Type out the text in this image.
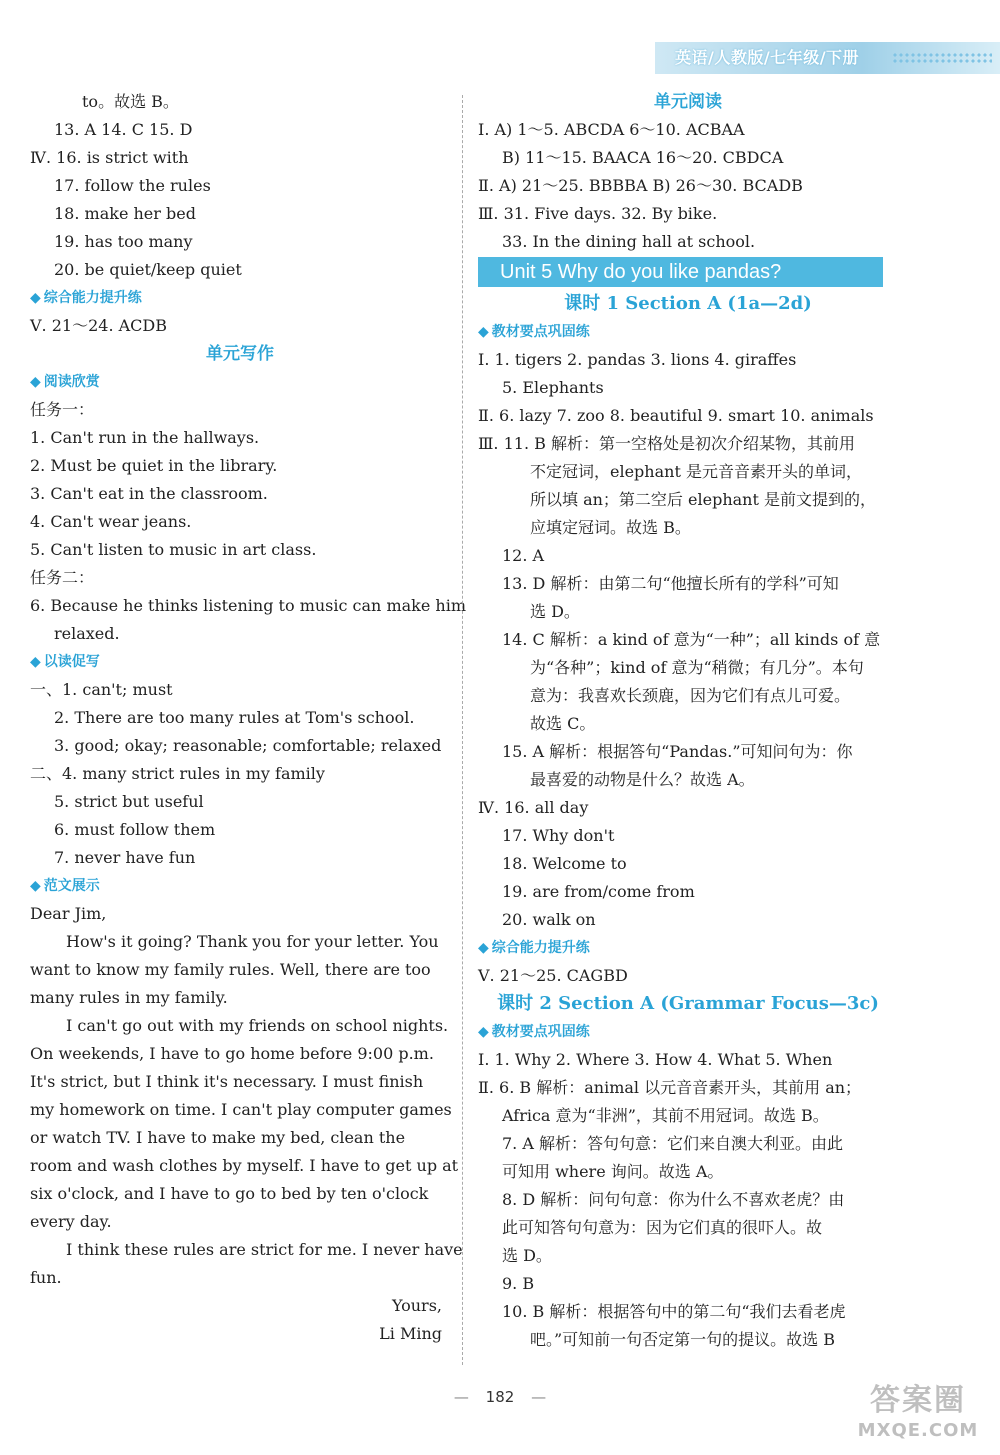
英语/人教版/七年级/下册
to。故选 B。
13. A 14. C 15. D
Ⅳ. 16. is strict with
17. follow the rules
18. make her bed
19. has too many
20. be quiet/keep quiet
◆ 综合能力提升练
Ⅴ. 21～24. ACDB
单元写作
◆ 阅读欣赏
任务一：
1. Can't run in the hallways.
2. Must be quiet in the library.
3. Can't eat in the classroom.
4. Can't wear jeans.
5. Can't listen to music in art class.
任务二：
6. Because he thinks listening to music can make him
relaxed.
◆ 以读促写
一、1. can't; must
2. There are too many rules at Tom's school.
3. good; okay; reasonable; comfortable; relaxed
二、4. many strict rules in my family
5. strict but useful
6. must follow them
7. never have fun
◆ 范文展示
Dear Jim,
How's it going? Thank you for your letter. You
want to know my family rules. Well, there are too
many rules in my family.
I can't go out with my friends on school nights.
On weekends, I have to go home before 9:00 p.m.
It's strict, but I think it's necessary. I must finish
my homework on time. I can't play computer games
or watch TV. I have to make my bed, clean the
room and wash clothes by myself. I have to get up at
six o'clock, and I have to go to bed by ten o'clock
every day.
I think these rules are strict for me. I never have
fun.
Yours,
Li Ming
单元阅读
Ⅰ. A) 1～5. ABCDA 6～10. ACBAA
B) 11～15. BAACA 16～20. CBDCA
Ⅱ. A) 21～25. BBBBA B) 26～30. BCADB
Ⅲ. 31. Five days. 32. By bike.
33. In the dining hall at school.
Unit 5 Why do you like pandas?
课时 1 Section A (1a—2d)
◆ 教材要点巩固练
Ⅰ. 1. tigers 2. pandas 3. lions 4. giraffes
5. Elephants
Ⅱ. 6. lazy 7. zoo 8. beautiful 9. smart 10. animals
Ⅲ. 11. B 解析：第一空格处是初次介绍某物，其前用
不定冠词，elephant 是元音音素开头的单词，
所以填 an；第二空后 elephant 是前文提到的，
应填定冠词。故选 B。
12. A
13. D 解析：由第二句“他擅长所有的学科”可知
选 D。
14. C 解析：a kind of 意为“一种”；all kinds of 意
为“各种”；kind of 意为“稍微；有几分”。本句
意为：我喜欢长颈鹿，因为它们有点儿可爱。
故选 C。
15. A 解析：根据答句“Pandas.”可知问句为：你
最喜爱的动物是什么？故选 A。
Ⅳ. 16. all day
17. Why don't
18. Welcome to
19. are from/come from
20. walk on
◆ 综合能力提升练
Ⅴ. 21～25. CAGBD
课时 2 Section A (Grammar Focus—3c)
◆ 教材要点巩固练
Ⅰ. 1. Why 2. Where 3. How 4. What 5. When
Ⅱ. 6. B 解析：animal 以元音音素开头，其前用 an；
Africa 意为“非洲”，其前不用冠词。故选 B。
7. A 解析：答句句意：它们来自澳大利亚。由此
可知用 where 询问。故选 A。
8. D 解析：问句句意：你为什么不喜欢老虎？由
此可知答句句意为：因为它们真的很吓人。故
选 D。
9. B
10. B 解析：根据答句中的第二句“我们去看老虎
吧。”可知前一句否定第一句的提议。故选 B
— 182 —	答案圈
MXQE.COM
